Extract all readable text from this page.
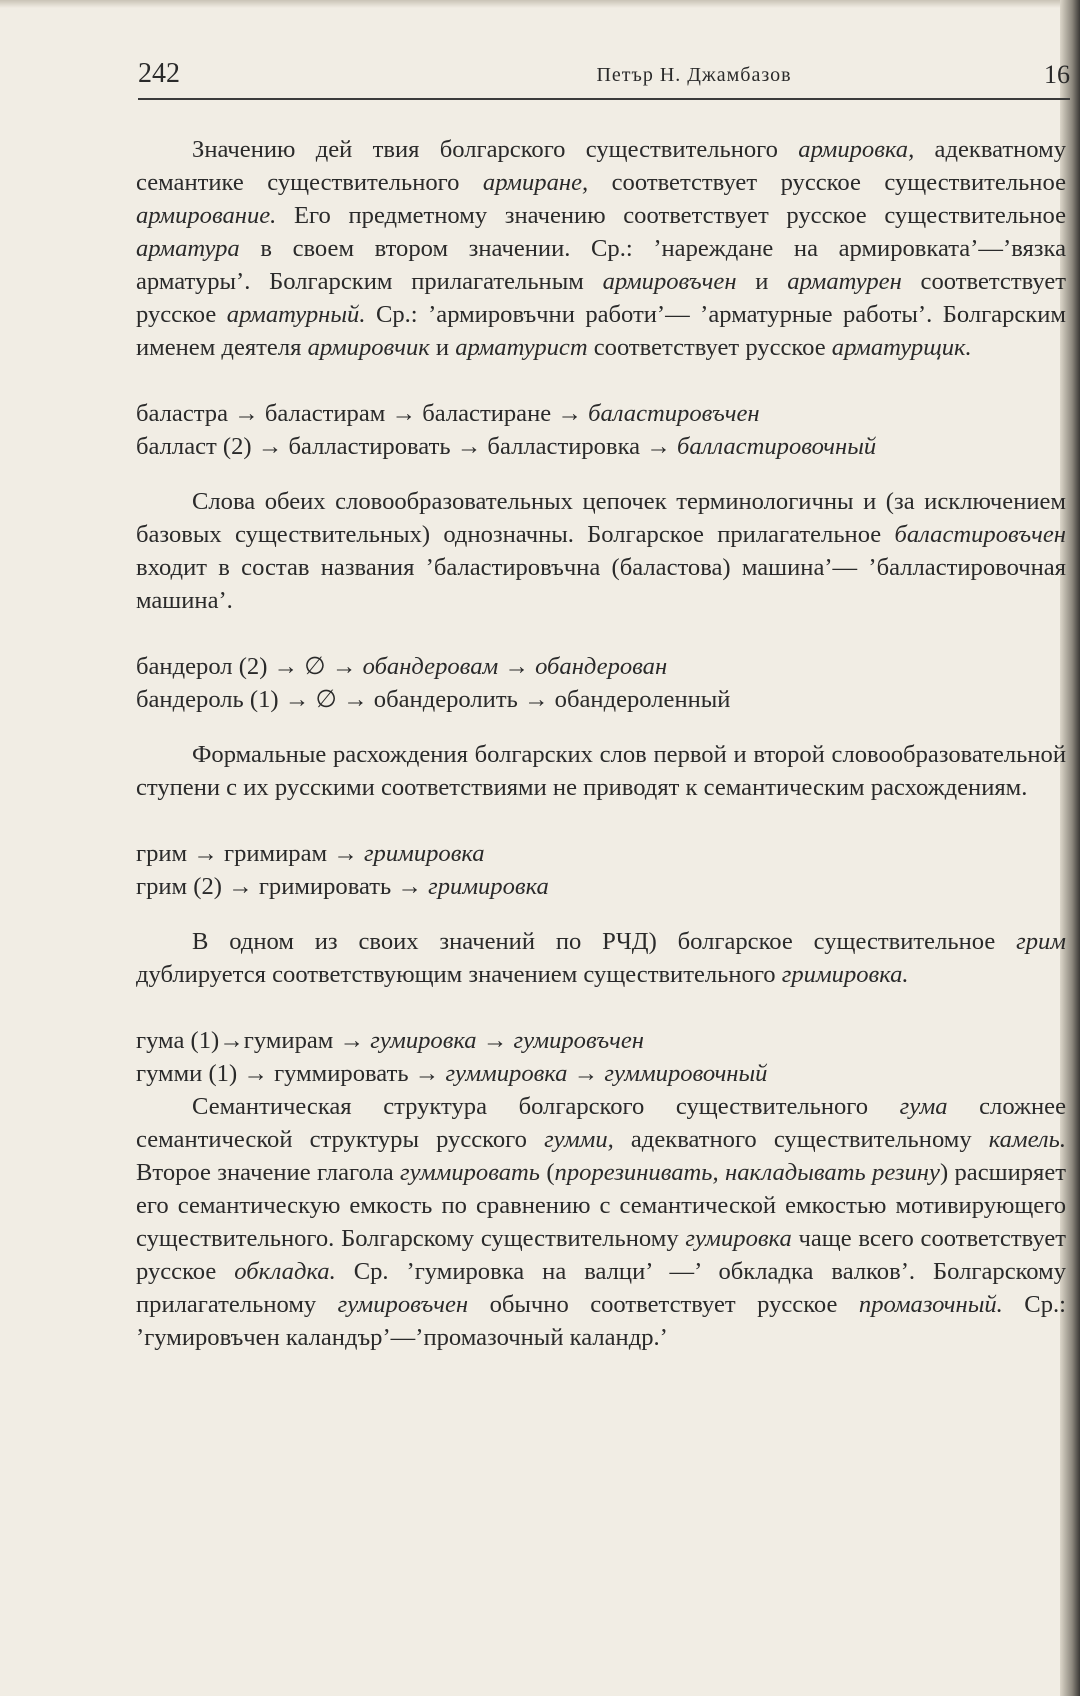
242	Петър Н. Джамбазов	16

Значению дей твия болгарского существительного армировка, адекватному семантике существительного армиране, соответствует русское существительное армирование. Его предметному значению соответствует русское существительное арматура в своем втором значении. Ср.: ’нареждане на армировката’—’вязка арматуры’. Болгарским прилагательным армировъчен и арматурен соответствует русское арматурный. Ср.: ’армировъчни работи’— ’арматурные работы’. Болгарским именем деятеля армировчик и арматурист соответствует русское арматурщик.

баластра → баластирам → баластиране → баластировъчен
балласт (2) → балластировать → балластировка → балластировочный

Слова обеих словообразовательных цепочек терминологичны и (за исключением базовых существительных) однозначны. Болгарское прилагательное баластировъчен входит в состав названия ’баластировъчна (баластова) машина’— ’балластировочная машина’.

бандерол (2) → ∅ → обандеровам → обандерован
бандероль (1) → ∅ → обандеролить → обандероленный

Формальные расхождения болгарских слов первой и второй словообразовательной ступени с их русскими соответствиями не приводят к семантическим расхождениям.

грим → гримирам → гримировка
грим (2) → гримировать → гримировка

В одном из своих значений по РЧД) болгарское существительное грим дублируется соответствующим значением существительного гримировка.

гума (1)→гумирам → гумировка → гумировъчен
гумми (1) → гуммировать → гуммировка → гуммировочный

Семантическая структура болгарского существительного гума сложнее семантической структуры русского гумми, адекватного существительному камель. Второе значение глагола гуммировать (прорезинивать, накладывать резину) расширяет его семантическую емкость по сравнению с семантической емкостью мотивирующего существительного. Болгарскому существительному гумировка чаще всего соответствует русское обкладка. Ср. ’гумировка на валци’ —’ обкладка валков’. Болгарскому прилагательному гумировъчен обычно соответствует русское промазочный. Ср.: ’гумировъчен каландър’—’промазочный каландр.’
